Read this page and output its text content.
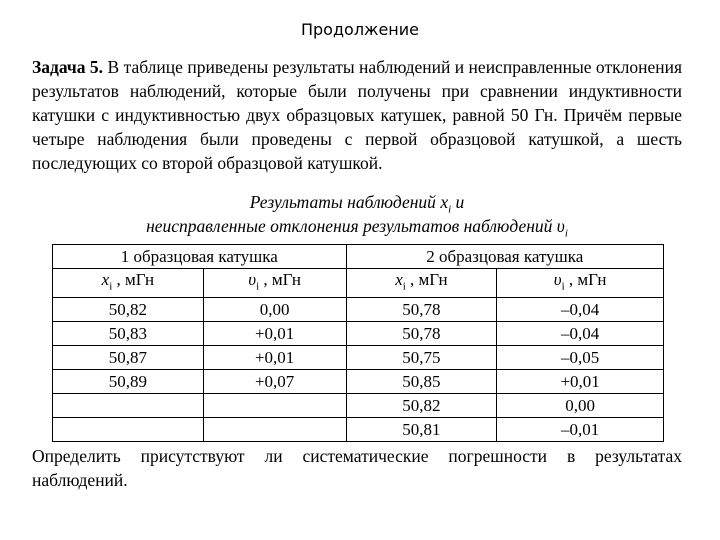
Продолжение
Задача 5. В таблице приведены результаты наблюдений и неисправленные отклонения результатов наблюдений, которые были получены при сравнении индуктивности катушки с индуктивностью двух образцовых катушек, равной 50 Гн. Причём первые четыре наблюдения были проведены с первой образцовой катушкой, а шесть последующих со второй образцовой катушкой.
Результаты наблюдений $x_i$ и
неисправленные отклонения результатов наблюдений $\upsilon_i$
1 образцовая катушка		2 образцовая катушка	
$x_i$ , мГн	$\upsilon_i$ , мГн	$x_i$ , мГн	$\upsilon_i$ , мГн
50,82	0,00	50,78	–0,04
50,83	+0,01	50,78	–0,04
50,87	+0,01	50,75	–0,05
50,89	+0,07	50,85	+0,01
		50,82	0,00
		50,81	–0,01
Определить присутствуют ли систематические погрешности в результатах наблюдений.
